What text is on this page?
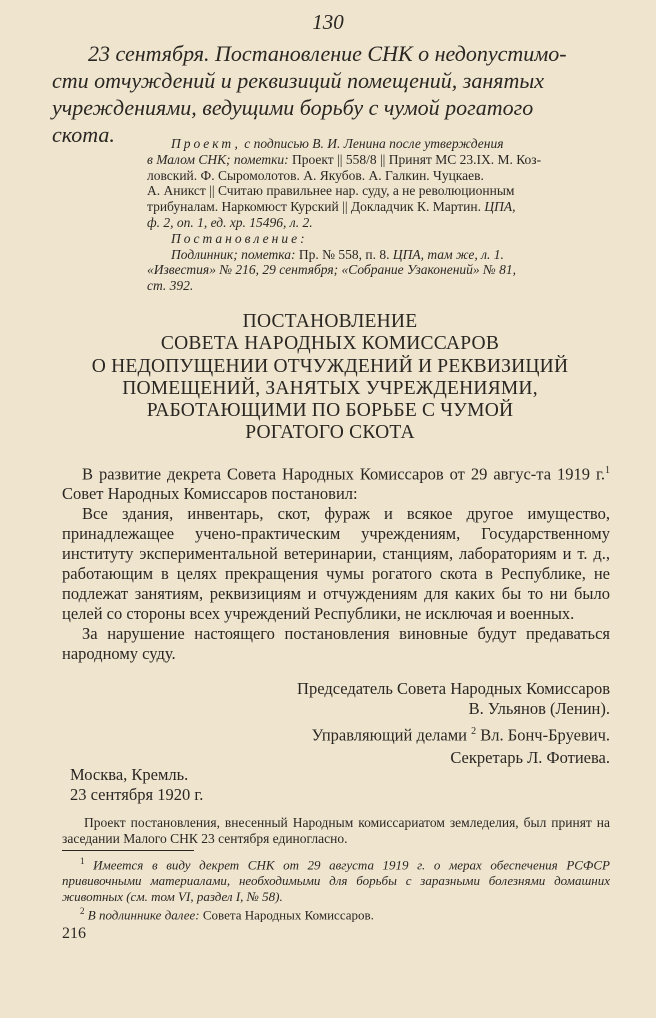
130
23 сентября. Постановление СНК о недопустимо-
сти отчуждений и реквизиций помещений, занятых
учреждениями, ведущими борьбу с чумой рогатого
скота.	Проект, с подписью В. И. Ленина после утверждения
в Малом СНК; пометки: Проект || 558/8 || Принят МС 23.IX. М. Коз-
ловский. Ф. Сыромолотов. А. Якубов. А. Галкин. Чуцкаев.
А. Аникст || Считаю правильнее нар. суду, а не революционным
трибуналам. Наркомюст Курский || Докладчик К. Мартин. ЦПА,
ф. 2, оп. 1, ед. хр. 15496, л. 2.
Постановление:
Подлинник; пометка: Пр. № 558, п. 8. ЦПА, там же, л. 1.
«Известия» № 216, 29 сентября; «Собрание Узаконений» № 81,
ст. 392.
ПОСТАНОВЛЕНИЕ
СОВЕТА НАРОДНЫХ КОМИССАРОВ
О НЕДОПУЩЕНИИ ОТЧУЖДЕНИЙ И РЕКВИЗИЦИЙ
ПОМЕЩЕНИЙ, ЗАНЯТЫХ УЧРЕЖДЕНИЯМИ,
РАБОТАЮЩИМИ ПО БОРЬБЕ С ЧУМОЙ
РОГАТОГО СКОТА

В развитие декрета Совета Народных Комиссаров от 29 авгус-та 1919 г.$^1$ Совет Народных Комиссаров постановил:

Все здания, инвентарь, скот, фураж и всякое другое имущество, принадлежащее учено-практическим учреждениям, Государственному институту экспериментальной ветеринарии, станциям, лабораториям и т. д., работающим в целях прекращения чумы рогатого скота в Республике, не подлежат занятиям, реквизициям и отчуждениям для каких бы то ни было целей со стороны всех учреждений Республики, не исключая и военных.

За нарушение настоящего постановления виновные будут предаваться народному суду.

Председатель Совета Народных Комиссаров
В. Ульянов (Ленин).
Управляющий делами $^2$ Вл. Бонч-Бруевич.
Секретарь Л. Фотиева.
Москва, Кремль.
23 сентября 1920 г.

Проект постановления, внесенный Народным комиссариатом земледелия, был принят на заседании Малого СНК 23 сентября единогласно.

$^1$ Имеется в виду декрет СНК от 29 августа 1919 г. о мерах обеспечения РСФСР прививочными материалами, необходимыми для борьбы с заразными болезнями домашних животных (см. том VI, раздел I, № 58).

$^2$ В подлиннике далее: Совета Народных Комиссаров.

216
